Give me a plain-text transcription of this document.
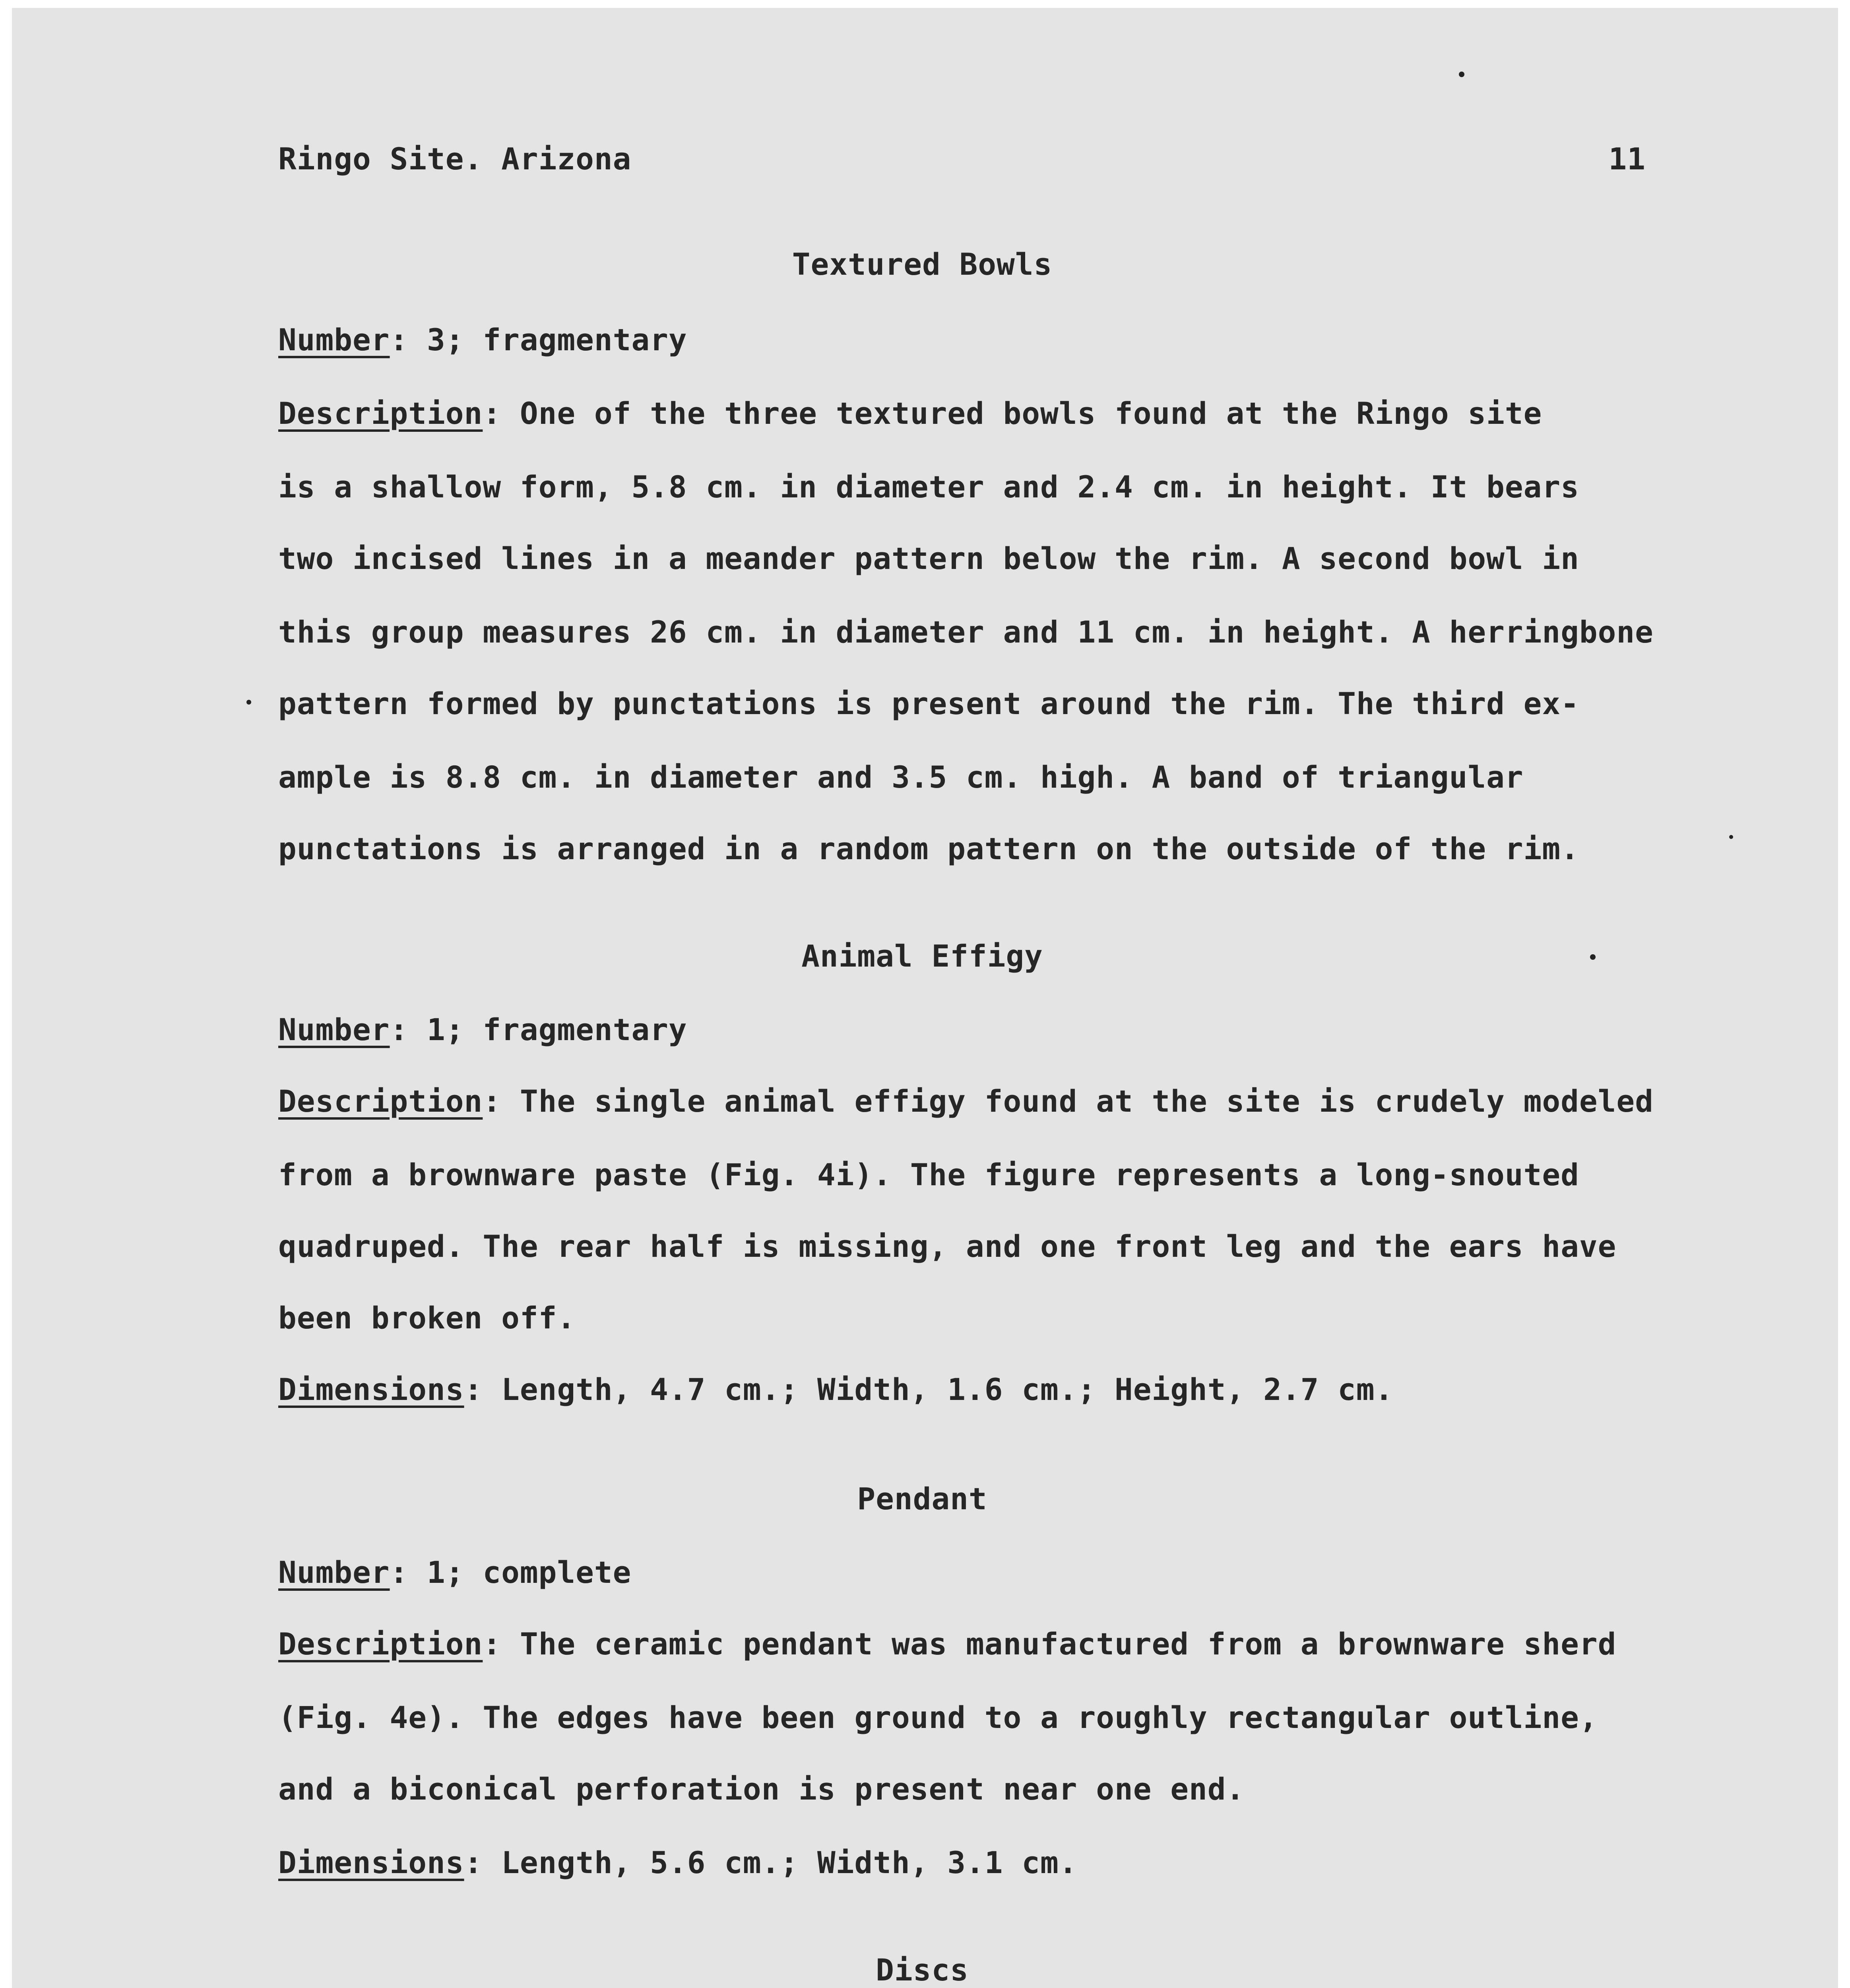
Ringo Site. Arizona	11
Textured Bowls
Number: 3; fragmentary
Description: One of the three textured bowls found at the Ringo site
is a shallow form, 5.8 cm. in diameter and 2.4 cm. in height. It bears
two incised lines in a meander pattern below the rim. A second bowl in
this group measures 26 cm. in diameter and 11 cm. in height. A herringbone
pattern formed by punctations is present around the rim. The third ex-
ample is 8.8 cm. in diameter and 3.5 cm. high. A band of triangular
punctations is arranged in a random pattern on the outside of the rim.
Animal Effigy
Number: 1; fragmentary
Description: The single animal effigy found at the site is crudely modeled
from a brownware paste (Fig. 4i). The figure represents a long-snouted
quadruped. The rear half is missing, and one front leg and the ears have
been broken off.
Dimensions: Length, 4.7 cm.; Width, 1.6 cm.; Height, 2.7 cm.
Pendant
Number: 1; complete
Description: The ceramic pendant was manufactured from a brownware sherd
(Fig. 4e). The edges have been ground to a roughly rectangular outline,
and a biconical perforation is present near one end.
Dimensions: Length, 5.6 cm.; Width, 3.1 cm.
Discs
